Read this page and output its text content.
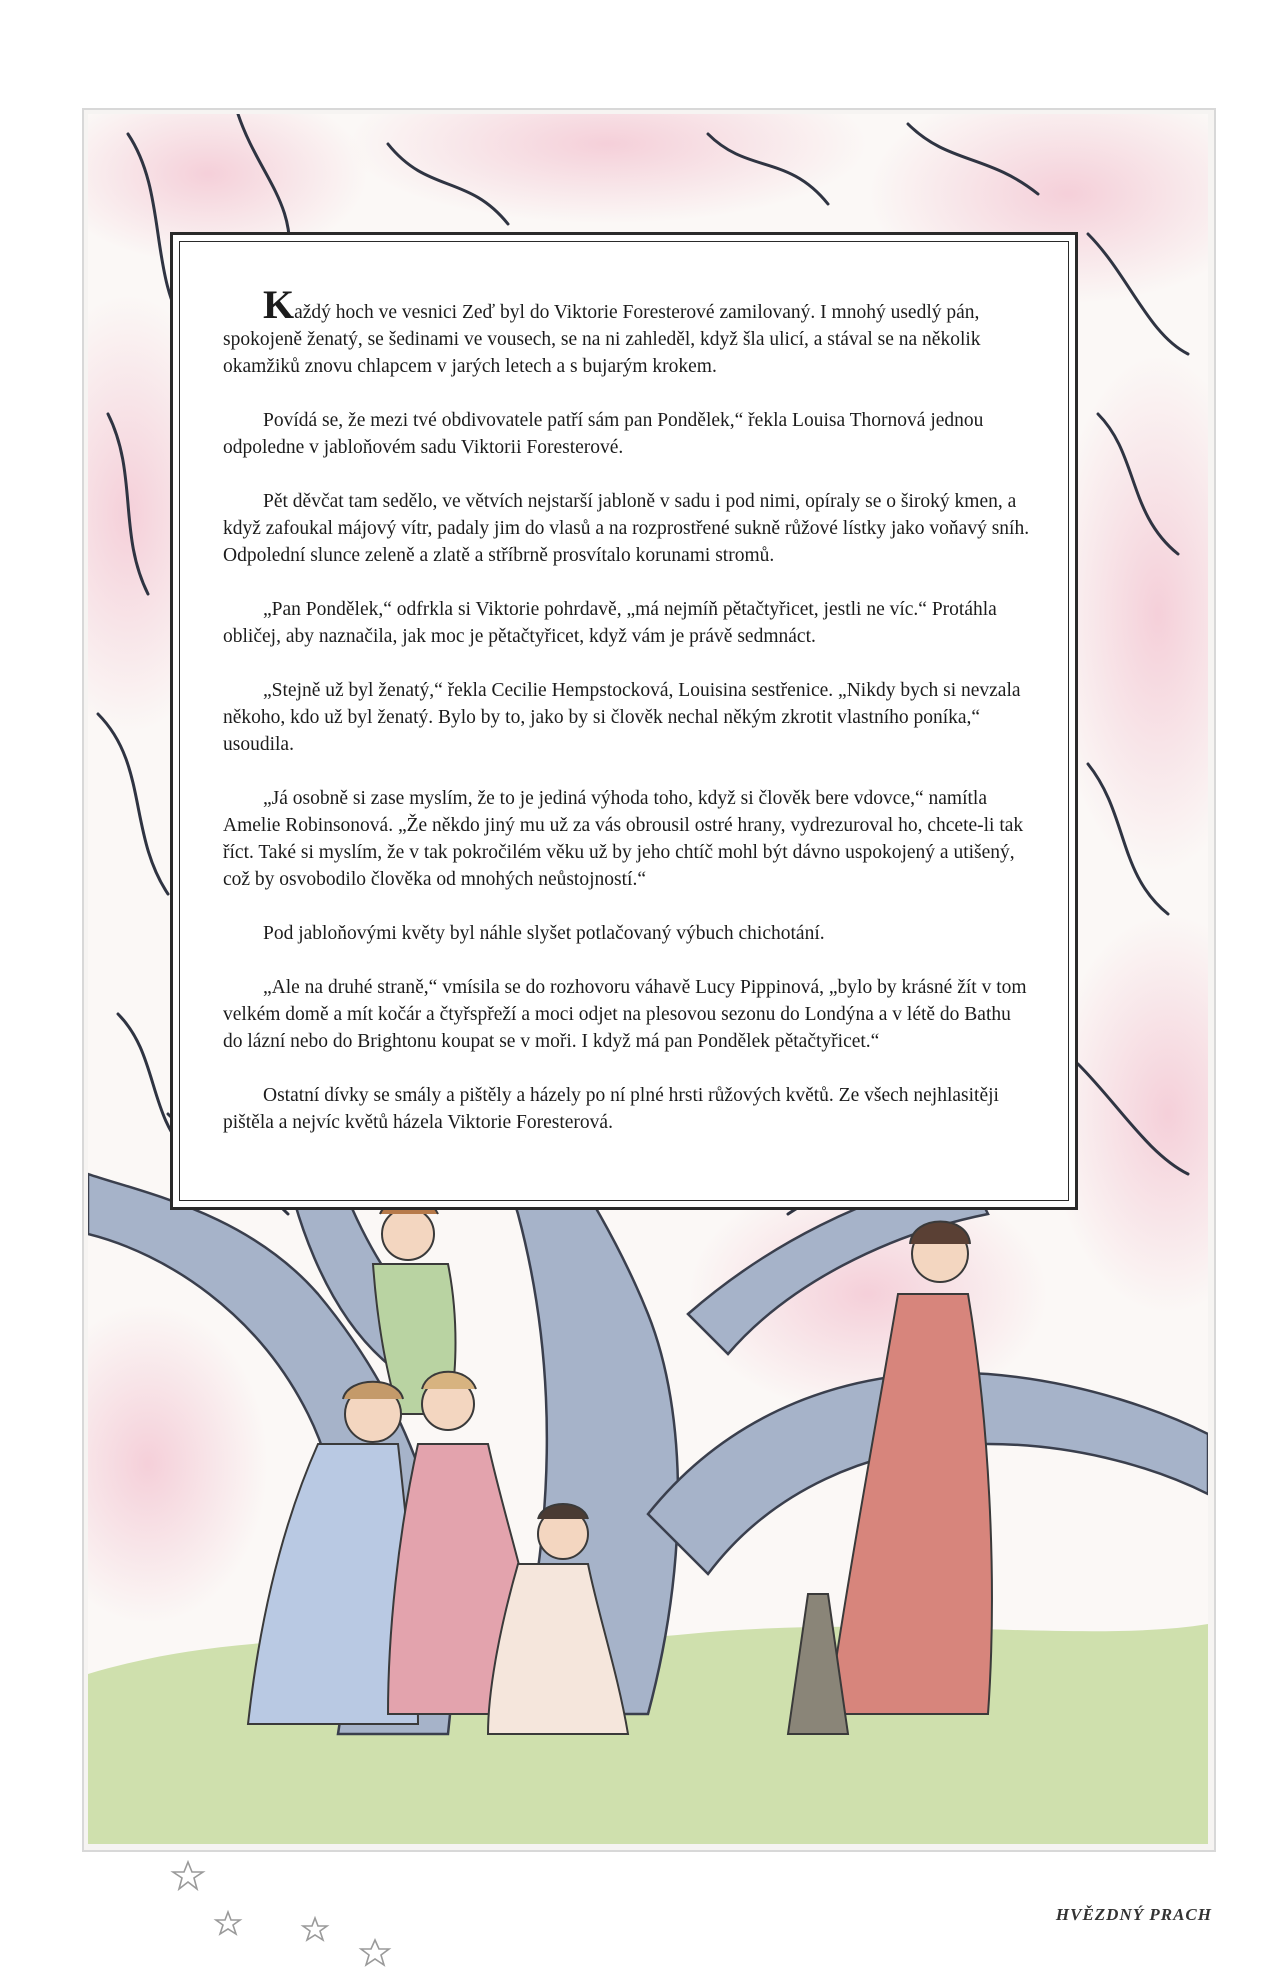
Každý hoch ve vesnici Zeď byl do Viktorie Foresterové zamilovaný. I mnohý usedlý pán, spokojeně ženatý, se šedinami ve vousech, se na ni zahleděl, když šla ulicí, a stával se na několik okamžiků znovu chlapcem v jarých letech a s bujarým krokem.

Povídá se, že mezi tvé obdivovatele patří sám pan Pondělek,“ řekla Louisa Thornová jednou odpoledne v jabloňovém sadu Viktorii Foresterové.

Pět děvčat tam sedělo, ve větvích nejstarší jabloně v sadu i pod nimi, opíraly se o široký kmen, a když zafoukal májový vítr, padaly jim do vlasů a na rozprostřené sukně růžové lístky jako voňavý sníh. Odpolední slunce zeleně a zlatě a stříbrně prosvítalo korunami stromů.

„Pan Pondělek,“ odfrkla si Viktorie pohrdavě, „má nejmíň pětačtyřicet, jestli ne víc.“ Protáhla obličej, aby naznačila, jak moc je pětačtyřicet, když vám je právě sedmnáct.

„Stejně už byl ženatý,“ řekla Cecilie Hempstocková, Louisina sestřenice. „Nikdy bych si nevzala někoho, kdo už byl ženatý. Bylo by to, jako by si člověk nechal někým zkrotit vlastního poníka,“ usoudila.

„Já osobně si zase myslím, že to je jediná výhoda toho, když si člověk bere vdovce,“ namítla Amelie Robinsonová. „Že někdo jiný mu už za vás obrousil ostré hrany, vydrezuroval ho, chcete-li tak říct. Také si myslím, že v tak pokročilém věku už by jeho chtíč mohl být dávno uspokojený a utišený, což by osvobodilo člověka od mnohých neůstojností.“

Pod jabloňovými květy byl náhle slyšet potlačovaný výbuch chichotání.

„Ale na druhé straně,“ vmísila se do rozhovoru váhavě Lucy Pippinová, „bylo by krásné žít v tom velkém domě a mít kočár a čtyřspřeží a moci odjet na plesovou sezonu do Londýna a v létě do Bathu do lázní nebo do Brightonu koupat se v moři. I když má pan Pondělek pětačtyřicet.“

Ostatní dívky se smály a pištěly a házely po ní plné hrsti růžových květů. Ze všech nejhlasitěji pištěla a nejvíc květů házela Viktorie Foresterová.

HVĚZDNÝ PRACH
